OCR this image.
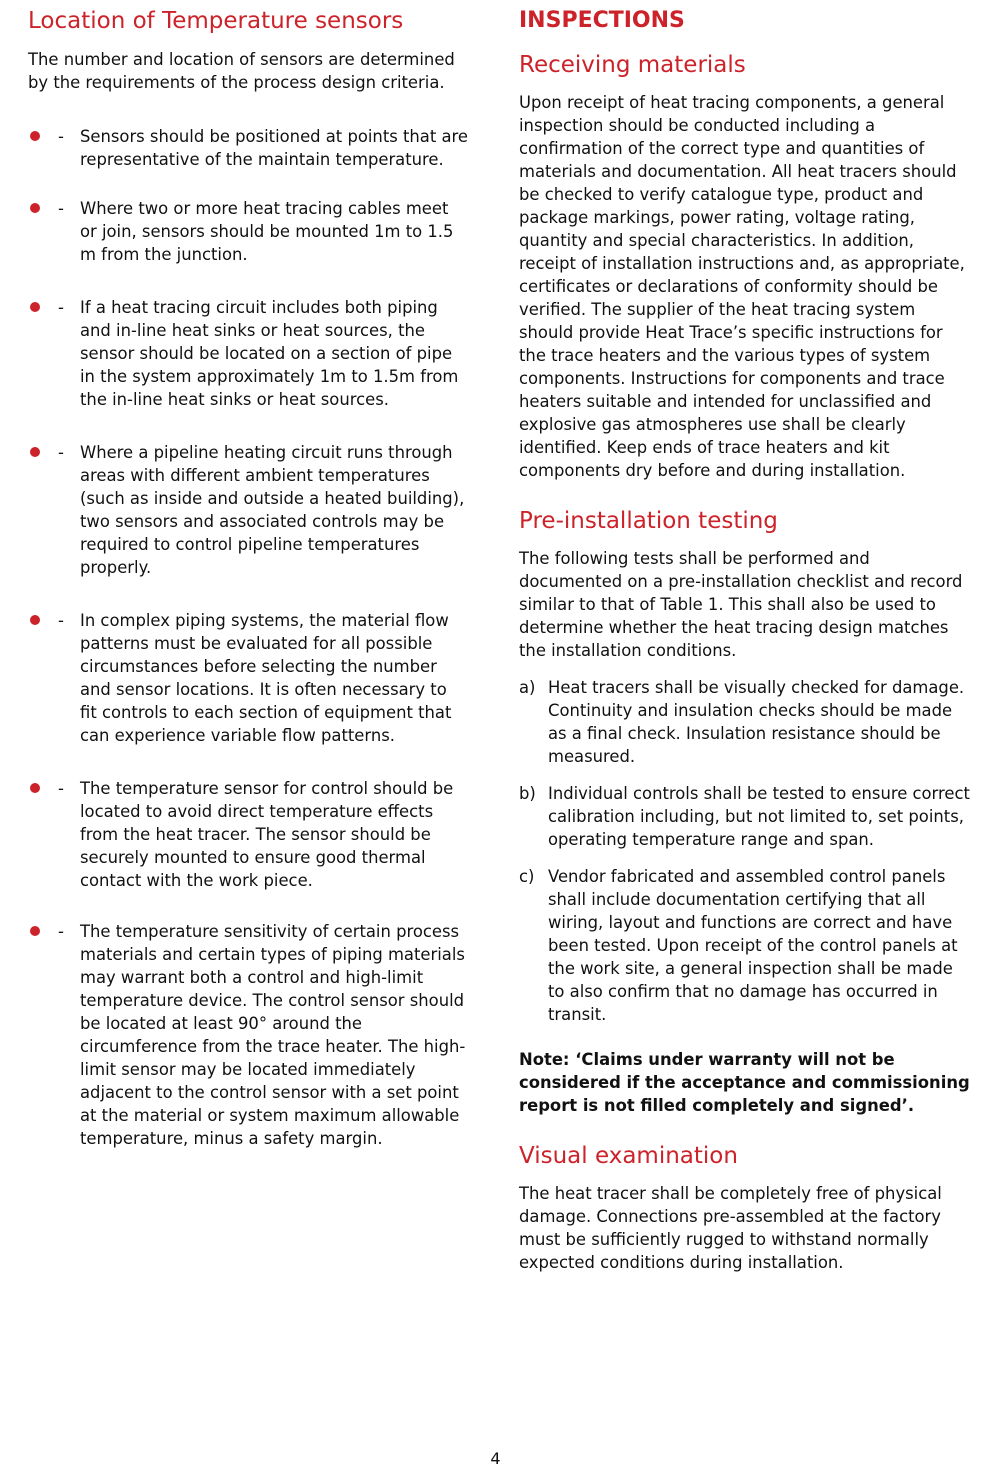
Location of Temperature sensors

The number and location of sensors are determined by the requirements of the process design criteria.

- Sensors should be positioned at points that are representative of the maintain temperature.
- Where two or more heat tracing cables meet or join, sensors should be mounted 1m to 1.5 m from the junction.
- If a heat tracing circuit includes both piping and in-line heat sinks or heat sources, the sensor should be located on a section of pipe in the system approximately 1m to 1.5m from the in-line heat sinks or heat sources.
- Where a pipeline heating circuit runs through areas with different ambient temperatures (such as inside and outside a heated building), two sensors and associated controls may be required to control pipeline temperatures properly.
- In complex piping systems, the material flow patterns must be evaluated for all possible circumstances before selecting the number and sensor locations. It is often necessary to fit controls to each section of equipment that can experience variable flow patterns.
- The temperature sensor for control should be located to avoid direct temperature effects from the heat tracer. The sensor should be securely mounted to ensure good thermal contact with the work piece.
- The temperature sensitivity of certain process materials and certain types of piping materials may warrant both a control and high-limit temperature device. The control sensor should be located at least 90° around the circumference from the trace heater. The high-limit sensor may be located immediately adjacent to the control sensor with a set point at the material or system maximum allowable temperature, minus a safety margin.
INSPECTIONS
Receiving materials

Upon receipt of heat tracing components, a general inspection should be conducted including a confirmation of the correct type and quantities of materials and documentation. All heat tracers should be checked to verify catalogue type, product and package markings, power rating, voltage rating, quantity and special characteristics. In addition, receipt of installation instructions and, as appropriate, certificates or declarations of conformity should be verified. The supplier of the heat tracing system should provide Heat Trace’s specific instructions for the trace heaters and the various types of system components. Instructions for components and trace heaters suitable and intended for unclassified and explosive gas atmospheres use shall be clearly identified. Keep ends of trace heaters and kit components dry before and during installation.

Pre-installation testing

The following tests shall be performed and documented on a pre-installation checklist and record similar to that of Table 1. This shall also be used to determine whether the heat tracing design matches the installation conditions.

a) Heat tracers shall be visually checked for damage. Continuity and insulation checks should be made as a final check. Insulation resistance should be measured.
b) Individual controls shall be tested to ensure correct calibration including, but not limited to, set points, operating temperature range and span.
c) Vendor fabricated and assembled control panels shall include documentation certifying that all wiring, layout and functions are correct and have been tested. Upon receipt of the control panels at the work site, a general inspection shall be made to also confirm that no damage has occurred in transit.

Note: ‘Claims under warranty will not be considered if the acceptance and commissioning report is not filled completely and signed’.

Visual examination

The heat tracer shall be completely free of physical damage. Connections pre-assembled at the factory must be sufficiently rugged to withstand normally expected conditions during installation.

4
